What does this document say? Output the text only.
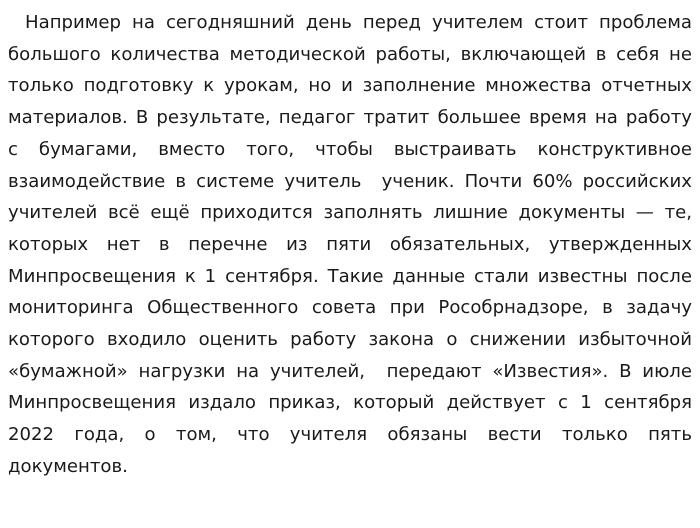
Например на сегодняшний день перед учителем стоит проблема большого количества методической работы, включающей в себя не только подготовку к урокам, но и заполнение множества отчетных материалов. В результате, педагог тратит большее время на работу с бумагами, вместо того, чтобы выстраивать конструктивное взаимодействие в системе учитель  ученик. Почти 60% российских учителей всё ещё приходится заполнять лишние документы — те, которых нет в перечне из пяти обязательных, утвержденных Минпросвещения к 1 сентября. Такие данные стали известны после мониторинга Общественного совета при Рособрнадзоре, в задачу которого входило оценить работу закона о снижении избыточной «бумажной» нагрузки на учителей,  передают «Известия». В июле Минпросвещения издало приказ, который действует с 1 сентября 2022 года, о том, что учителя обязаны вести только пять документов.
